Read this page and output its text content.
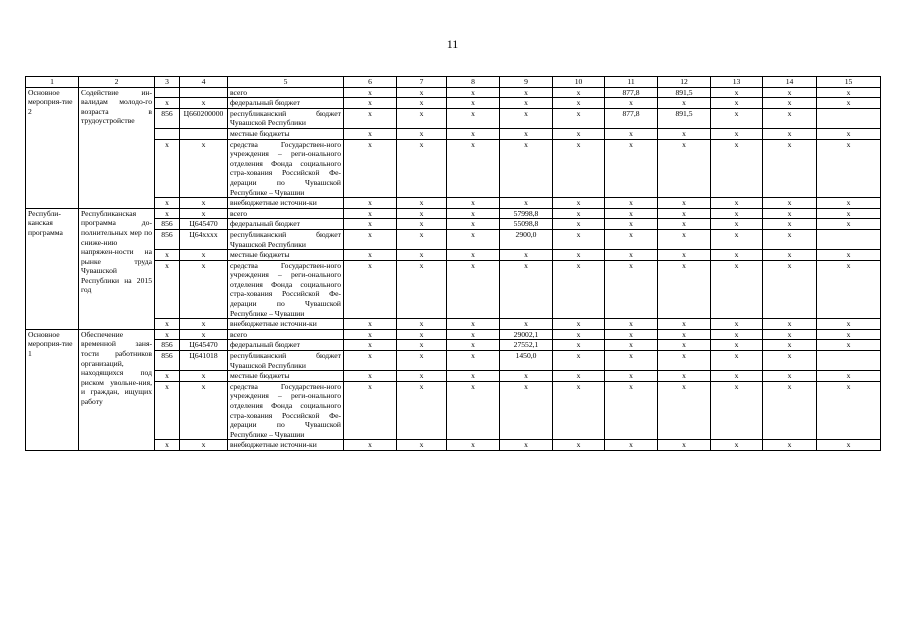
11
1	2	3	4	5	6	7	8	9	10	11	12	13	14	15
Основное мероприя-тие 2	Содействие ин-валидам молодо-го возраста в трудоустройстве			всего	x	x	x	x	x	877,8	891,5	x	x	x
		x	x	федеральный бюджет	x	x	x	x	x	x	x	x	x	x
		856	Ц660200000	республиканский бюджет Чувашской Республики	x	x	x	x	x	877,8	891,5	x	x	
				местные бюджеты	x	x	x	x	x	x	x	x	x	x
		x	x	средства Государствен-ного учреждения – реги-онального отделения Фонда социального стра-хования Российской Фе-дерации по Чувашской Республике – Чувашии	x	x	x	x	x	x	x	x	x	x
		x	x	внебюджетные источни-ки	x	x	x	x	x	x	x	x	x	x
Республи-канская программа	Республиканская программа до-полнительных мер по сниже-нию напряжен-ности на рынке труда Чувашской Республики на 2015 год	x	x	всего	x	x	x	57998,8	x	x	x	x	x	x
		856	Ц645470	федеральный бюджет	x	x	x	55098,8	x	x	x	x	x	x
		856	Ц64xxxx	республиканский бюджет Чувашской Республики	x	x	x	2900,0	x	x	x	x	x	
		x	x	местные бюджеты	x	x	x	x	x	x	x	x	x	x
		x	x	средства Государствен-ного учреждения – реги-онального отделения Фонда социального стра-хования Российской Фе-дерации по Чувашской Республике – Чувашии	x	x	x	x	x	x	x	x	x	x
		x	x	внебюджетные источни-ки	x	x	x	x	x	x	x	x	x	x
Основное мероприя-тие 1	Обеспечение временной заня-тости работников организаций, находящихся под риском увольне-ния, и граждан, ищущих работу	x	x	всего	x	x	x	29002,1	x	x	x	x	x	x
		856	Ц645470	федеральный бюджет	x	x	x	27552,1	x	x	x	x	x	x
		856	Ц641018	республиканский бюджет Чувашской Республики	x	x	x	1450,0	x	x	x	x	x	
		x	x	местные бюджеты	x	x	x	x	x	x	x	x	x	x
		x	x	средства Государствен-ного учреждения – реги-онального отделения Фонда социального стра-хования Российской Фе-дерации по Чувашской Республике – Чувашии	x	x	x	x	x	x	x	x	x	x
		x	x	внебюджетные источни-ки	x	x	x	x	x	x	x	x	x	x
